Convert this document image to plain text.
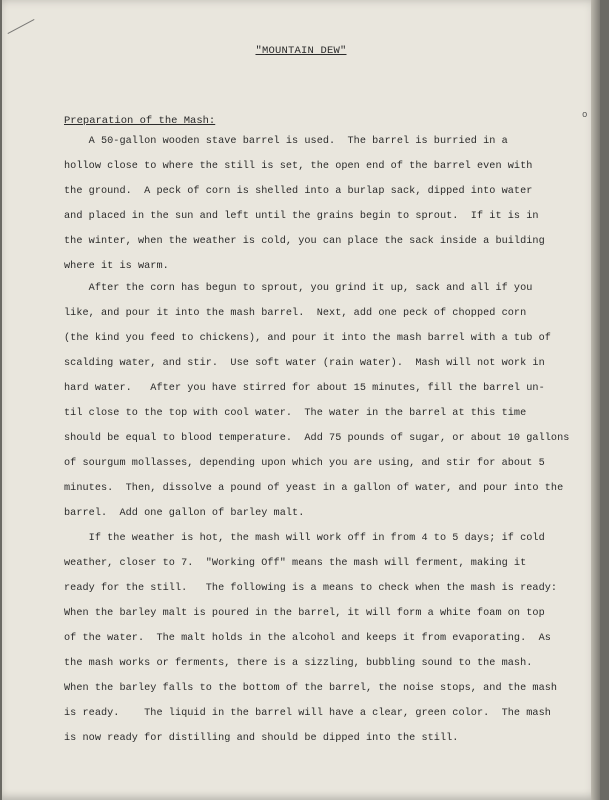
o
"MOUNTAIN DEW"
Preparation of the Mash:
A 50-gallon wooden stave barrel is used.  The barrel is burried in a
hollow close to where the still is set, the open end of the barrel even with
the ground.  A peck of corn is shelled into a burlap sack, dipped into water
and placed in the sun and left until the grains begin to sprout.  If it is in
the winter, when the weather is cold, you can place the sack inside a building
where it is warm.
After the corn has begun to sprout, you grind it up, sack and all if you
like, and pour it into the mash barrel.  Next, add one peck of chopped corn
(the kind you feed to chickens), and pour it into the mash barrel with a tub of
scalding water, and stir.  Use soft water (rain water).  Mash will not work in
hard water.   After you have stirred for about 15 minutes, fill the barrel un-
til close to the top with cool water.  The water in the barrel at this time
should be equal to blood temperature.  Add 75 pounds of sugar, or about 10 gallons
of sourgum mollasses, depending upon which you are using, and stir for about 5
minutes.  Then, dissolve a pound of yeast in a gallon of water, and pour into the
barrel.  Add one gallon of barley malt.
If the weather is hot, the mash will work off in from 4 to 5 days; if cold
weather, closer to 7.  "Working Off" means the mash will ferment, making it
ready for the still.   The following is a means to check when the mash is ready:
When the barley malt is poured in the barrel, it will form a white foam on top
of the water.  The malt holds in the alcohol and keeps it from evaporating.  As
the mash works or ferments, there is a sizzling, bubbling sound to the mash.
When the barley falls to the bottom of the barrel, the noise stops, and the mash
is ready.    The liquid in the barrel will have a clear, green color.  The mash
is now ready for distilling and should be dipped into the still.
